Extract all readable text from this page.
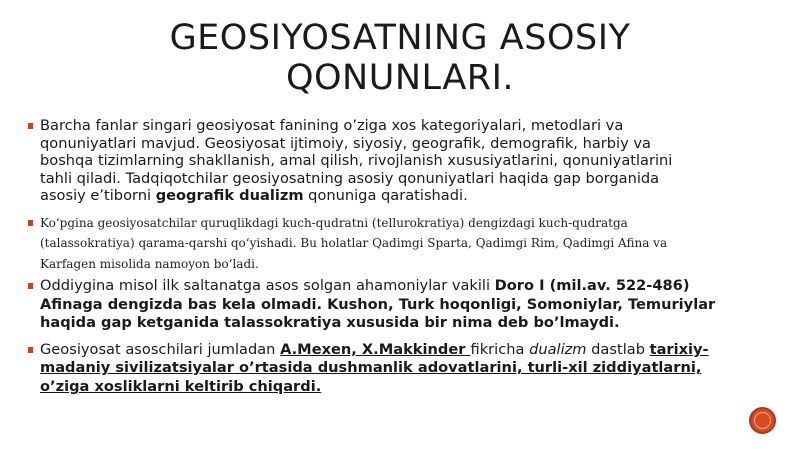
GEOSIYOSATNING ASOSIY
QONUNLARI.
Barcha fanlar singari geosiyosat fanining o’ziga xos kategoriyalari, metodlari va
qonuniyatlari mavjud. Geosiyosat ijtimoiy, siyosiy, geografik, demografik, harbiy va
boshqa tizimlarning shakllanish, amal qilish, rivojlanish xususiyatlarini, qonuniyatlarini
tahli qiladi. Tadqiqotchilar geosiyosatning asosiy qonuniyatlari haqida gap borganida
asosiy e’tiborni geografik dualizm qonuniga qaratishadi.
Ko‘pgina geosiyosatchilar quruqlikdagi kuch-qudratni (tellurokratiya) dengizdagi kuch-qudratga
(talassokratiya) qarama-qarshi qo‘yishadi. Bu holatlar Qadimgi Sparta, Qadimgi Rim, Qadimgi Afina va
Karfagen misolida namoyon bo‘ladi.
Oddiygina misol ilk saltanatga asos solgan ahamoniylar vakili Doro I (mil.av. 522-486)
Afinaga dengizda bas kela olmadi. Kushon, Turk hoqonligi, Somoniylar, Temuriylar
haqida gap ketganida talassokratiya xususida bir nima deb bo’lmaydi.
Geosiyosat asoschilari jumladan A.Mexen, X.Makkinder fikricha dualizm dastlab tarixiy-
madaniy sivilizatsiyalar o’rtasida dushmanlik adovatlarini, turli-xil ziddiyatlarni,
o’ziga xosliklarni keltirib chiqardi.
